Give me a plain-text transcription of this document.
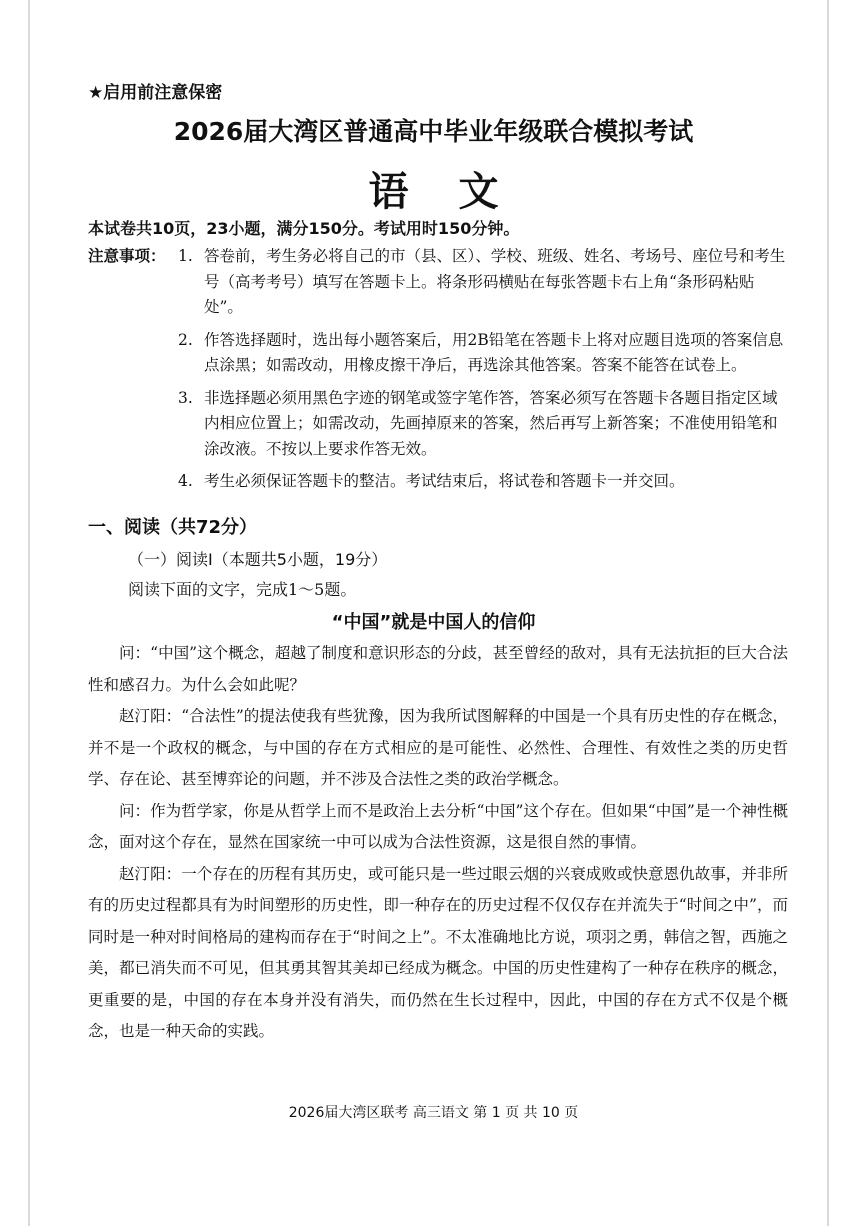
★启用前注意保密
2026届大湾区普通高中毕业年级联合模拟考试
语文
本试卷共10页，23小题，满分150分。考试用时150分钟。
注意事项： 1. 答卷前，考生务必将自己的市（县、区）、学校、班级、姓名、考场号、座位号和考生号（高考考号）填写在答题卡上。将条形码横贴在每张答题卡右上角“条形码粘贴处”。
2. 作答选择题时，选出每小题答案后，用2B铅笔在答题卡上将对应题目选项的答案信息点涂黑；如需改动，用橡皮擦干净后，再选涂其他答案。答案不能答在试卷上。
3. 非选择题必须用黑色字迹的钢笔或签字笔作答，答案必须写在答题卡各题目指定区域内相应位置上；如需改动，先画掉原来的答案，然后再写上新答案；不准使用铅笔和涂改液。不按以上要求作答无效。
4. 考生必须保证答题卡的整洁。考试结束后，将试卷和答题卡一并交回。
一、阅读（共72分）
（一）阅读Ⅰ（本题共5小题，19分）
阅读下面的文字，完成1～5题。
“中国”就是中国人的信仰

问：“中国”这个概念，超越了制度和意识形态的分歧，甚至曾经的敌对，具有无法抗拒的巨大合法性和感召力。为什么会如此呢？

赵汀阳：“合法性”的提法使我有些犹豫，因为我所试图解释的中国是一个具有历史性的存在概念，并不是一个政权的概念，与中国的存在方式相应的是可能性、必然性、合理性、有效性之类的历史哲学、存在论、甚至博弈论的问题，并不涉及合法性之类的政治学概念。

问：作为哲学家，你是从哲学上而不是政治上去分析“中国”这个存在。但如果“中国”是一个神性概念，面对这个存在，显然在国家统一中可以成为合法性资源，这是很自然的事情。

赵汀阳：一个存在的历程有其历史，或可能只是一些过眼云烟的兴衰成败或快意恩仇故事，并非所有的历史过程都具有为时间塑形的历史性，即一种存在的历史过程不仅仅存在并流失于“时间之中”，而同时是一种对时间格局的建构而存在于“时间之上”。不太准确地比方说，项羽之勇，韩信之智，西施之美，都已消失而不可见，但其勇其智其美却已经成为概念。中国的历史性建构了一种存在秩序的概念，更重要的是，中国的存在本身并没有消失，而仍然在生长过程中，因此，中国的存在方式不仅是个概念，也是一种天命的实践。

2026届大湾区联考 高三语文 第 1 页 共 10 页
